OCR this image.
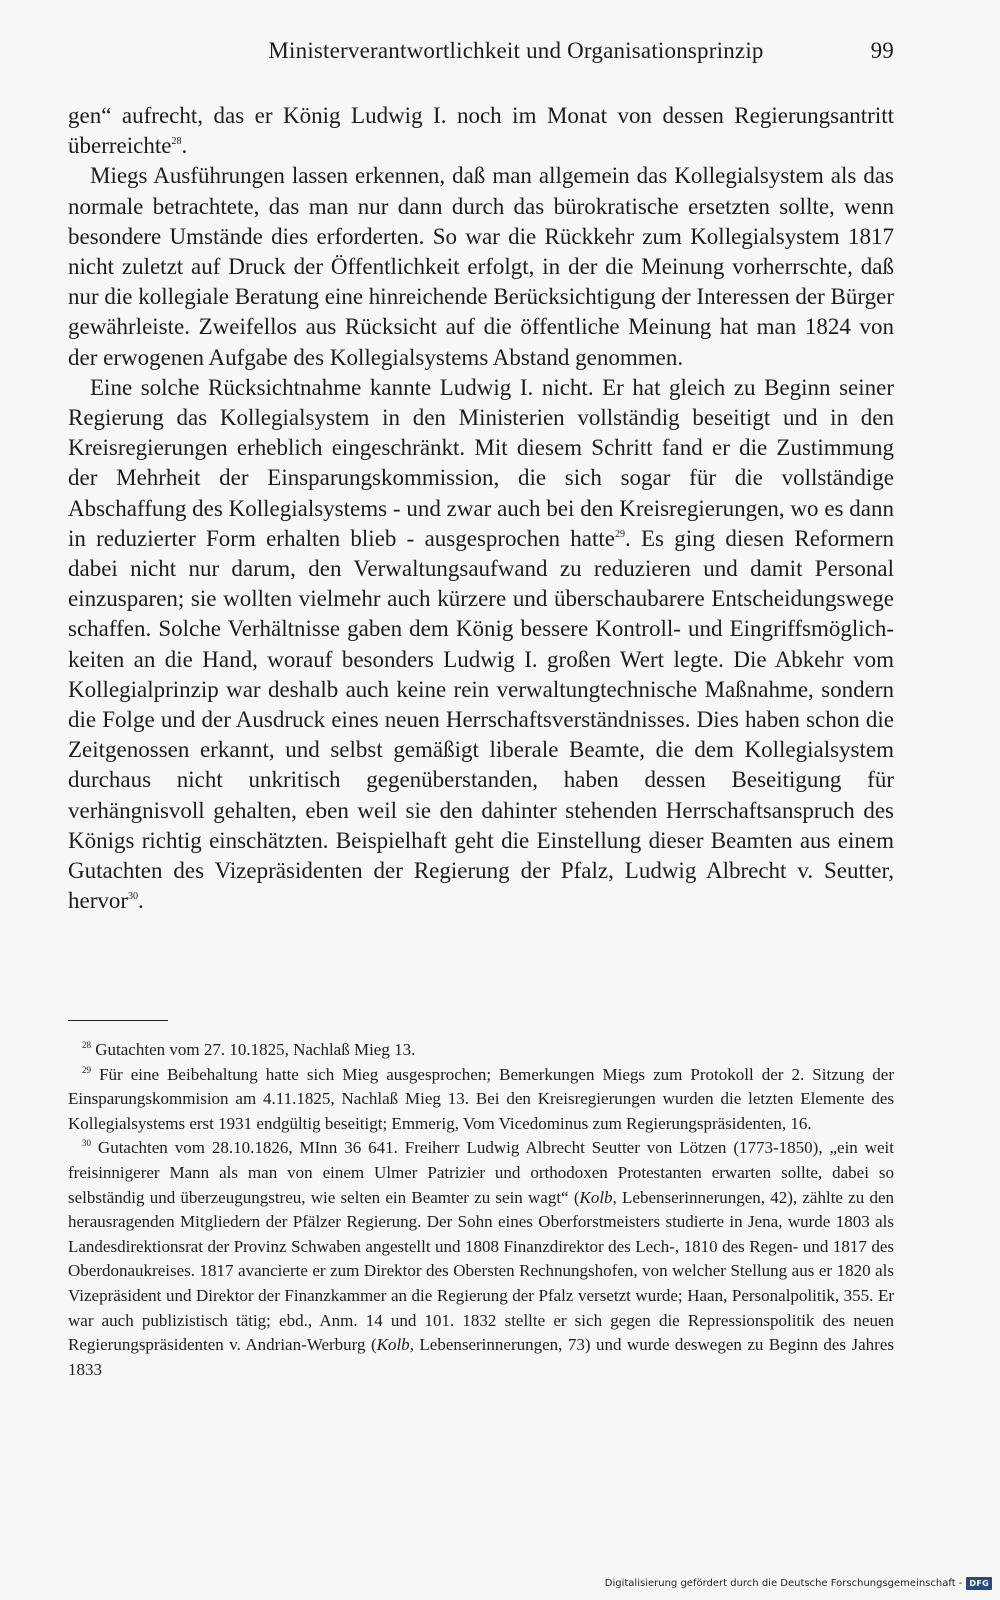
Ministerverantwortlichkeit und Organisationsprinzip	99

gen“ aufrecht, das er König Ludwig I. noch im Monat von dessen Regierungsantritt überreichte$^{28}$.

Miegs Ausführungen lassen erkennen, daß man allgemein das Kollegialsystem als das normale betrachtete, das man nur dann durch das bürokratische ersetzten sollte, wenn besondere Umstände dies erforderten. So war die Rückkehr zum Kollegialsystem 1817 nicht zuletzt auf Druck der Öffentlichkeit erfolgt, in der die Meinung vorherrschte, daß nur die kollegiale Beratung eine hinreichende Berücksichtigung der Interessen der Bürger gewährleiste. Zweifellos aus Rücksicht auf die öffentliche Meinung hat man 1824 von der erwogenen Aufgabe des Kollegialsystems Abstand genommen.

Eine solche Rücksichtnahme kannte Ludwig I. nicht. Er hat gleich zu Beginn seiner Regierung das Kollegialsystem in den Ministerien vollständig beseitigt und in den Kreisregierungen erheblich eingeschränkt. Mit diesem Schritt fand er die Zustimmung der Mehrheit der Einsparungskommission, die sich sogar für die vollständige Abschaffung des Kollegialsystems - und zwar auch bei den Kreisregierungen, wo es dann in reduzierter Form erhalten blieb - ausgesprochen hatte$^{29}$. Es ging diesen Reformern dabei nicht nur darum, den Verwaltungsaufwand zu reduzieren und damit Personal einzusparen; sie wollten vielmehr auch kürzere und überschaubarere Entscheidungswege schaffen. Solche Verhältnisse gaben dem König bessere Kontroll- und Eingriffsmöglichkeiten an die Hand, worauf besonders Ludwig I. großen Wert legte. Die Abkehr vom Kollegialprinzip war deshalb auch keine rein verwaltungtechnische Maßnahme, sondern die Folge und der Ausdruck eines neuen Herrschaftsverständnisses. Dies haben schon die Zeitgenossen erkannt, und selbst gemäßigt liberale Beamte, die dem Kollegialsystem durchaus nicht unkritisch gegenüberstanden, haben dessen Beseitigung für verhängnisvoll gehalten, eben weil sie den dahinter stehenden Herrschaftsanspruch des Königs richtig einschätzten. Beispielhaft geht die Einstellung dieser Beamten aus einem Gutachten des Vizepräsidenten der Regierung der Pfalz, Ludwig Albrecht v. Seutter, hervor$^{30}$.

$^{28}$ Gutachten vom 27. 10.1825, Nachlaß Mieg 13.

$^{29}$ Für eine Beibehaltung hatte sich Mieg ausgesprochen; Bemerkungen Miegs zum Protokoll der 2. Sitzung der Einsparungskommision am 4.11.1825, Nachlaß Mieg 13. Bei den Kreisregierungen wurden die letzten Elemente des Kollegialsystems erst 1931 endgültig beseitigt; Emmerig, Vom Vicedominus zum Regierungspräsidenten, 16.

$^{30}$ Gutachten vom 28.10.1826, MInn 36 641. Freiherr Ludwig Albrecht Seutter von Lötzen (1773-1850), „ein weit freisinnigerer Mann als man von einem Ulmer Patrizier und orthodoxen Protestanten erwarten sollte, dabei so selbständig und überzeugungstreu, wie selten ein Beamter zu sein wagt“ (Kolb, Lebenserinnerungen, 42), zählte zu den herausragenden Mitgliedern der Pfälzer Regierung. Der Sohn eines Oberforstmeisters studierte in Jena, wurde 1803 als Landesdirektionsrat der Provinz Schwaben angestellt und 1808 Finanzdirektor des Lech-, 1810 des Regen- und 1817 des Oberdonaukreises. 1817 avancierte er zum Direktor des Obersten Rechnungshofen, von welcher Stellung aus er 1820 als Vizepräsident und Direktor der Finanzkammer an die Regierung der Pfalz versetzt wurde; Haan, Personalpolitik, 355. Er war auch publizistisch tätig; ebd., Anm. 14 und 101. 1832 stellte er sich gegen die Repressionspolitik des neuen Regierungspräsidenten v. Andrian-Werburg (Kolb, Lebenserinnerungen, 73) und wurde deswegen zu Beginn des Jahres 1833

Digitalisierung gefördert durch die Deutsche Forschungsgemeinschaft - DFG
